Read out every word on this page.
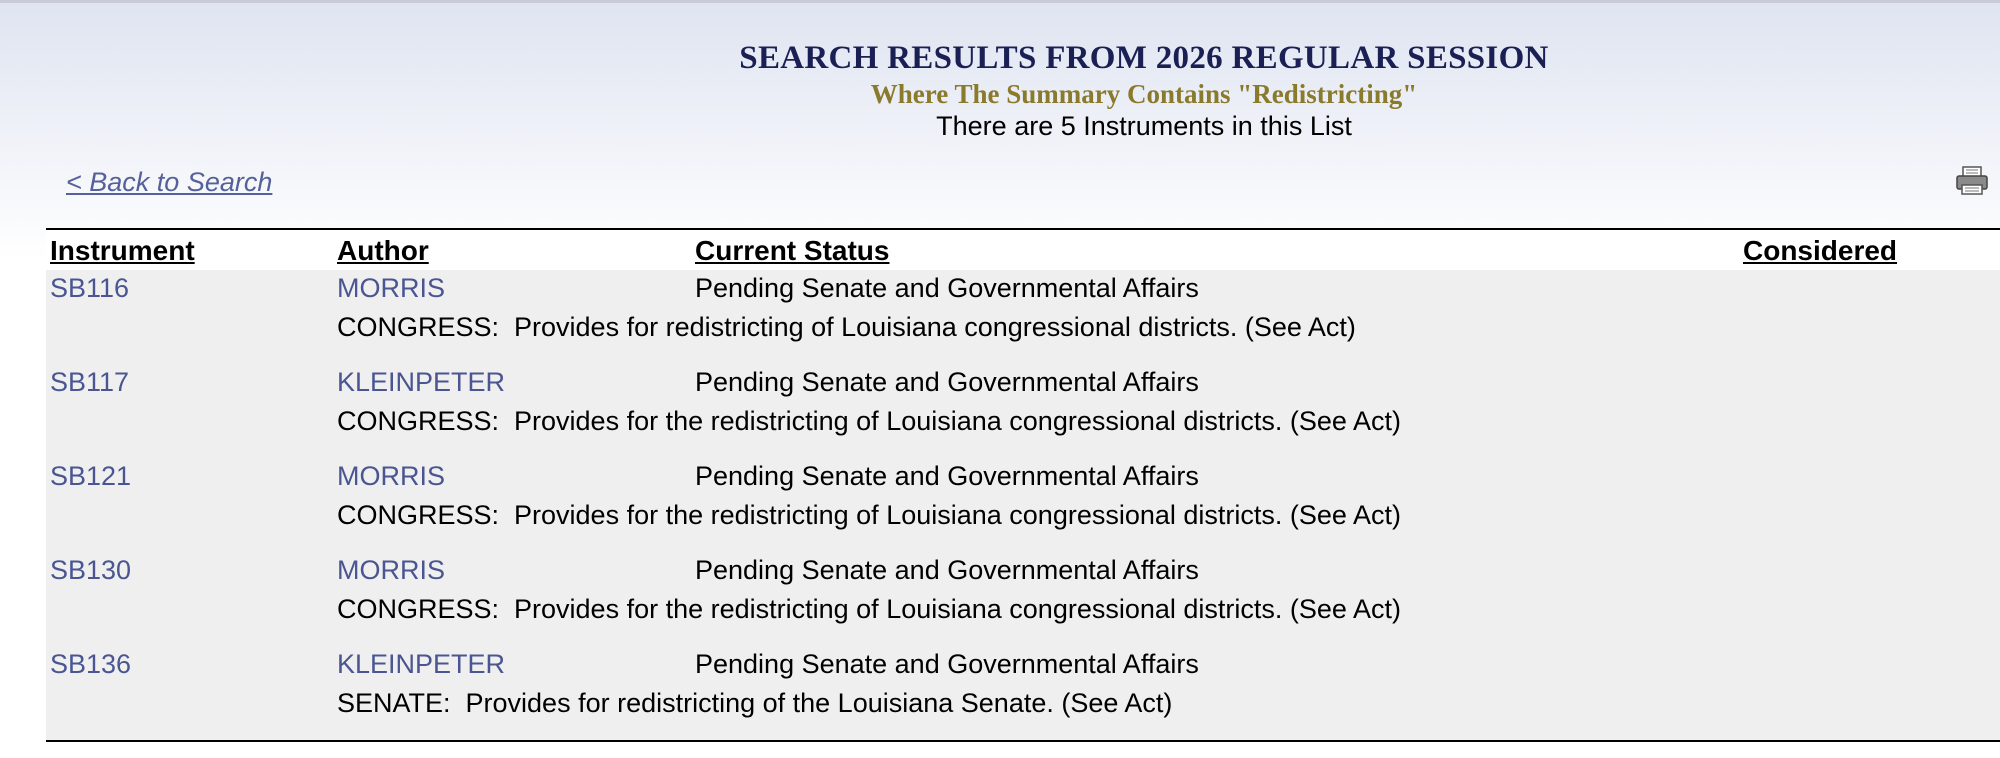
SEARCH RESULTS FROM 2026 REGULAR SESSION
Where The Summary Contains "Redistricting"
There are 5 Instruments in this List
< Back to Search
Instrument	Author	Current Status	Considered
SB116	MORRIS	Pending Senate and Governmental Affairs
CONGRESS:  Provides for redistricting of Louisiana congressional districts. (See Act)
SB117	KLEINPETER	Pending Senate and Governmental Affairs
CONGRESS:  Provides for the redistricting of Louisiana congressional districts. (See Act)
SB121	MORRIS	Pending Senate and Governmental Affairs
CONGRESS:  Provides for the redistricting of Louisiana congressional districts. (See Act)
SB130	MORRIS	Pending Senate and Governmental Affairs
CONGRESS:  Provides for the redistricting of Louisiana congressional districts. (See Act)
SB136	KLEINPETER	Pending Senate and Governmental Affairs
SENATE:  Provides for redistricting of the Louisiana Senate. (See Act)
